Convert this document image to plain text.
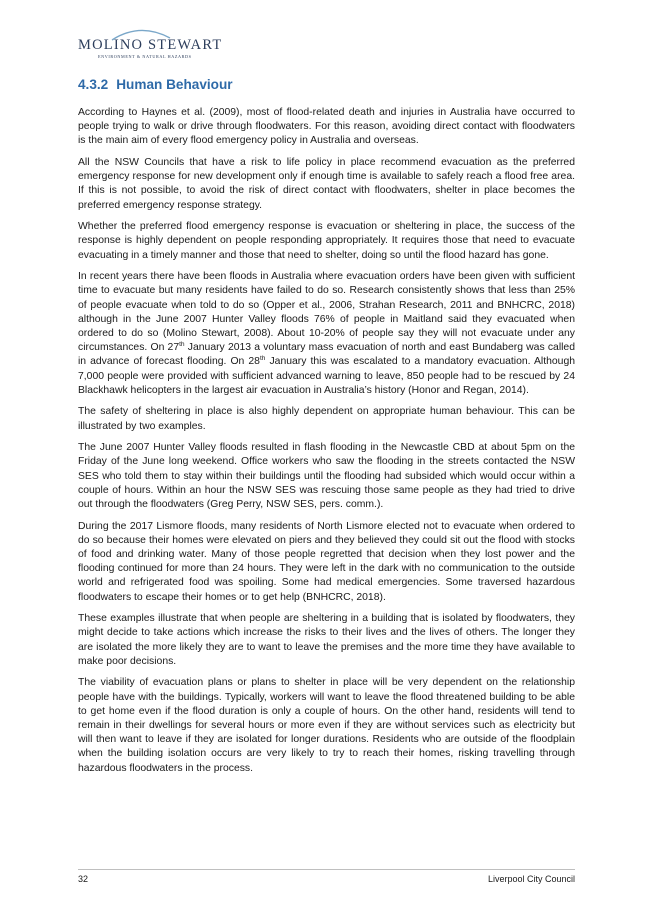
MOLINO STEWART
ENVIRONMENT & NATURAL HAZARDS
4.3.2 Human Behaviour

According to Haynes et al. (2009), most of flood-related death and injuries in Australia have occurred to people trying to walk or drive through floodwaters. For this reason, avoiding direct contact with floodwaters is the main aim of every flood emergency policy in Australia and overseas.

All the NSW Councils that have a risk to life policy in place recommend evacuation as the preferred emergency response for new development only if enough time is available to safely reach a flood free area. If this is not possible, to avoid the risk of direct contact with floodwaters, shelter in place becomes the preferred emergency response strategy.

Whether the preferred flood emergency response is evacuation or sheltering in place, the success of the response is highly dependent on people responding appropriately. It requires those that need to evacuate evacuating in a timely manner and those that need to shelter, doing so until the flood hazard has gone.

In recent years there have been floods in Australia where evacuation orders have been given with sufficient time to evacuate but many residents have failed to do so. Research consistently shows that less than 25% of people evacuate when told to do so (Opper et al., 2006, Strahan Research, 2011 and BNHCRC, 2018) although in the June 2007 Hunter Valley floods 76% of people in Maitland said they evacuated when ordered to do so (Molino Stewart, 2008). About 10-20% of people say they will not evacuate under any circumstances. On 27th January 2013 a voluntary mass evacuation of north and east Bundaberg was called in advance of forecast flooding. On 28th January this was escalated to a mandatory evacuation. Although 7,000 people were provided with sufficient advanced warning to leave, 850 people had to be rescued by 24 Blackhawk helicopters in the largest air evacuation in Australia’s history (Honor and Regan, 2014).

The safety of sheltering in place is also highly dependent on appropriate human behaviour. This can be illustrated by two examples.

The June 2007 Hunter Valley floods resulted in flash flooding in the Newcastle CBD at about 5pm on the Friday of the June long weekend. Office workers who saw the flooding in the streets contacted the NSW SES who told them to stay within their buildings until the flooding had subsided which would occur within a couple of hours. Within an hour the NSW SES was rescuing those same people as they had tried to drive out through the floodwaters (Greg Perry, NSW SES, pers. comm.).

During the 2017 Lismore floods, many residents of North Lismore elected not to evacuate when ordered to do so because their homes were elevated on piers and they believed they could sit out the flood with stocks of food and drinking water. Many of those people regretted that decision when they lost power and the flooding continued for more than 24 hours. They were left in the dark with no communication to the outside world and refrigerated food was spoiling. Some had medical emergencies. Some traversed hazardous floodwaters to escape their homes or to get help (BNHCRC, 2018).

These examples illustrate that when people are sheltering in a building that is isolated by floodwaters, they might decide to take actions which increase the risks to their lives and the lives of others. The longer they are isolated the more likely they are to want to leave the premises and the more time they have available to make poor decisions.

The viability of evacuation plans or plans to shelter in place will be very dependent on the relationship people have with the buildings. Typically, workers will want to leave the flood threatened building to be able to get home even if the flood duration is only a couple of hours. On the other hand, residents will tend to remain in their dwellings for several hours or more even if they are without services such as electricity but will then want to leave if they are isolated for longer durations. Residents who are outside of the floodplain when the building isolation occurs are very likely to try to reach their homes, risking travelling through hazardous floodwaters in the process.

32	Liverpool City Council
